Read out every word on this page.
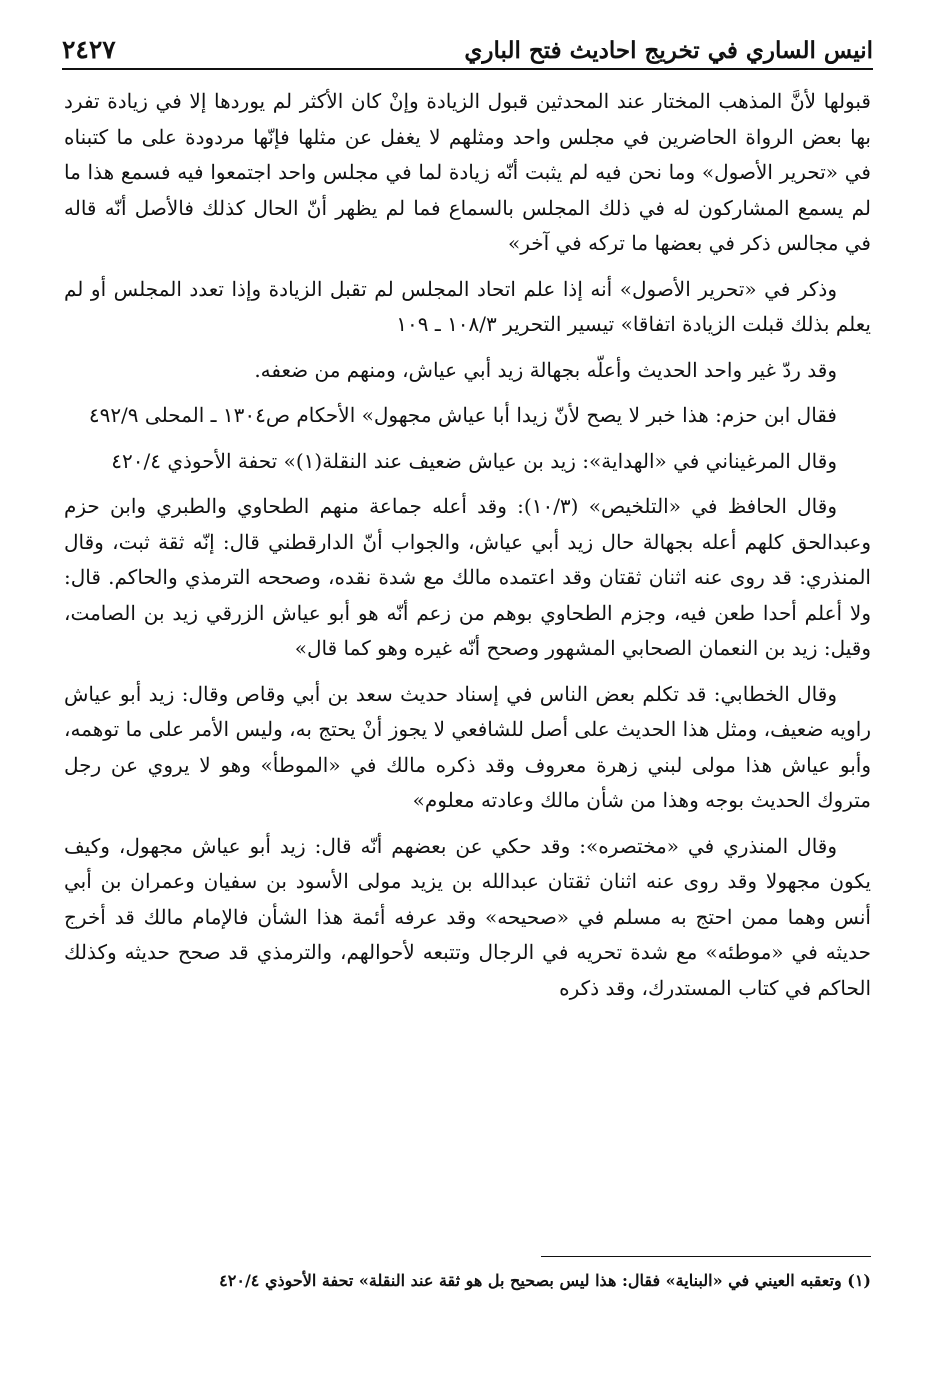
انيس الساري في تخريج احاديث فتح الباري
٢٤٢٧

قبولها لأنَّ المذهب المختار عند المحدثين قبول الزيادة وإنْ كان الأكثر لم يوردها إلا في زيادة تفرد بها بعض الرواة الحاضرين في مجلس واحد ومثلهم لا يغفل عن مثلها فإنّها مردودة على ما كتبناه في «تحرير الأصول» وما نحن فيه لم يثبت أنّه زيادة لما في مجلس واحد اجتمعوا فيه فسمع هذا ما لم يسمع المشاركون له في ذلك المجلس بالسماع فما لم يظهر أنّ الحال كذلك فالأصل أنّه قاله في مجالس ذكر في بعضها ما تركه في آخر»

وذكر في «تحرير الأصول» أنه إذا علم اتحاد المجلس لم تقبل الزيادة وإذا تعدد المجلس أو لم يعلم بذلك قبلت الزيادة اتفاقا» تيسير التحرير ١٠٨/٣ ـ ١٠٩

وقد ردّ غير واحد الحديث وأعلّه بجهالة زيد أبي عياش، ومنهم من ضعفه.

فقال ابن حزم: هذا خبر لا يصح لأنّ زيدا أبا عياش مجهول» الأحكام ص١٣٠٤ ـ المحلى ٤٩٢/٩

وقال المرغيناني في «الهداية»: زيد بن عياش ضعيف عند النقلة(١)» تحفة الأحوذي ٤٢٠/٤

وقال الحافظ في «التلخيص» (١٠/٣): وقد أعله جماعة منهم الطحاوي والطبري وابن حزم وعبدالحق كلهم أعله بجهالة حال زيد أبي عياش، والجواب أنّ الدارقطني قال: إنّه ثقة ثبت، وقال المنذري: قد روى عنه اثنان ثقتان وقد اعتمده مالك مع شدة نقده، وصححه الترمذي والحاكم. قال: ولا أعلم أحدا طعن فيه، وجزم الطحاوي بوهم من زعم أنّه هو أبو عياش الزرقي زيد بن الصامت، وقيل: زيد بن النعمان الصحابي المشهور وصحح أنّه غيره وهو كما قال»

وقال الخطابي: قد تكلم بعض الناس في إسناد حديث سعد بن أبي وقاص وقال: زيد أبو عياش راويه ضعيف، ومثل هذا الحديث على أصل للشافعي لا يجوز أنْ يحتج به، وليس الأمر على ما توهمه، وأبو عياش هذا مولى لبني زهرة معروف وقد ذكره مالك في «الموطأ» وهو لا يروي عن رجل متروك الحديث بوجه وهذا من شأن مالك وعادته معلوم»

وقال المنذري في «مختصره»: وقد حكي عن بعضهم أنّه قال: زيد أبو عياش مجهول، وكيف يكون مجهولا وقد روى عنه اثنان ثقتان عبدالله بن يزيد مولى الأسود بن سفيان وعمران بن أبي أنس وهما ممن احتج به مسلم في «صحيحه» وقد عرفه أئمة هذا الشأن فالإمام مالك قد أخرج حديثه في «موطئه» مع شدة تحريه في الرجال وتتبعه لأحوالهم، والترمذي قد صحح حديثه وكذلك الحاكم في كتاب المستدرك، وقد ذكره

(١) وتعقبه العيني في «البناية» فقال: هذا ليس بصحيح بل هو ثقة عند النقلة» تحفة الأحوذي ٤٢٠/٤
